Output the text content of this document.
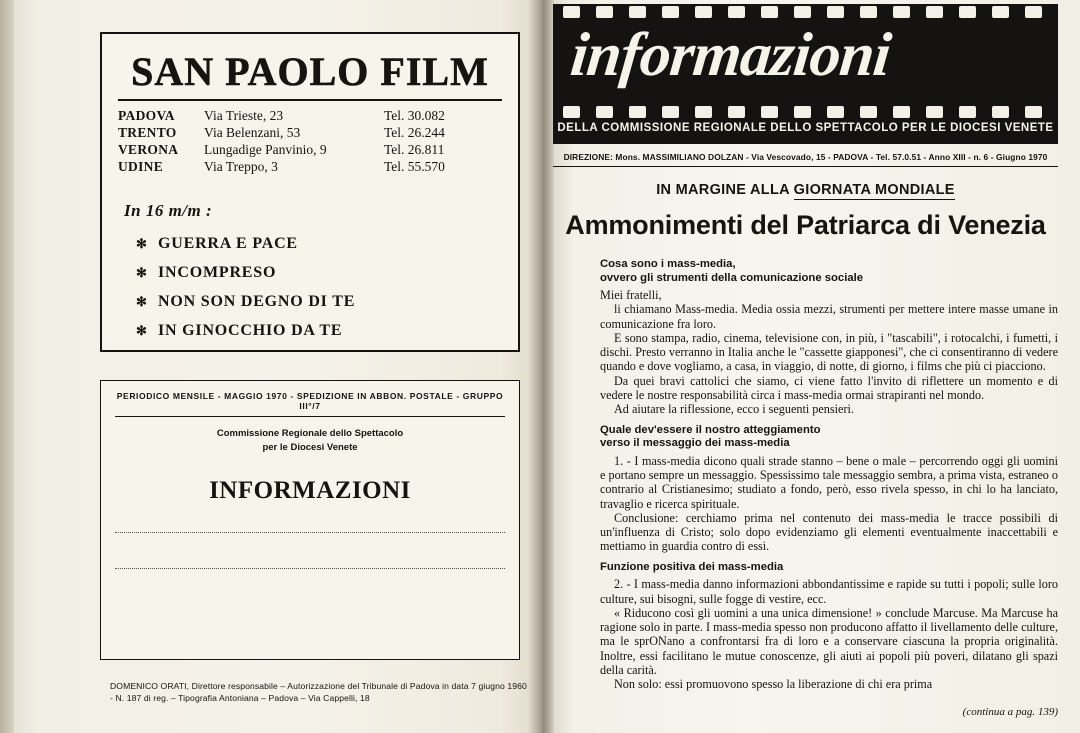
SAN PAOLO FILM
PADOVA	Via Trieste, 23	Tel. 30.082
TRENTO	Via Belenzani, 53	Tel. 26.244
VERONA	Lungadige Panvinio, 9	Tel. 26.811
UDINE	Via Treppo, 3	Tel. 55.570
In 16 m/m :
✻ GUERRA E PACE
✻ INCOMPRESO
✻ NON SON DEGNO DI TE
✻ IN GINOCCHIO DA TE
PERIODICO MENSILE - MAGGIO 1970 - SPEDIZIONE IN ABBON. POSTALE - GRUPPO III°/7
Commissione Regionale dello Spettacolo
per le Diocesi Venete
INFORMAZIONI
DOMENICO ORATI, Direttore responsabile – Autorizzazione del Tribunale di Padova in data 7 giugno 1960 - N. 187 di reg. – Tipografia Antoniana – Padova – Via Cappelli, 18
informazioni
DELLA COMMISSIONE REGIONALE DELLO SPETTACOLO PER LE DIOCESI VENETE
DIREZIONE: Mons. MASSIMILIANO DOLZAN - Via Vescovado, 15 - PADOVA - Tel. 57.0.51 - Anno XIII - n. 6 - Giugno 1970
IN MARGINE ALLA GIORNATA MONDIALE
Ammonimenti del Patriarca di Venezia
Cosa sono i mass-media,
ovvero gli strumenti della comunicazione sociale

Miei fratelli,

li chiamano Mass-media. Media ossia mezzi, strumenti per mettere intere masse umane in comunicazione fra loro.

E sono stampa, radio, cinema, televisione con, in più, i "tascabili", i rotocalchi, i fumetti, i dischi. Presto verranno in Italia anche le "cassette giapponesi", che ci consentiranno di vedere quando e dove vogliamo, a casa, in viaggio, di notte, di giorno, i films che più ci piacciono.

Da quei bravi cattolici che siamo, ci viene fatto l'invito di riflettere un momento e di vedere le nostre responsabilità circa i mass-media ormai strapiranti nel mondo.

Ad aiutare la riflessione, ecco i seguenti pensieri.

Quale dev'essere il nostro atteggiamento
verso il messaggio dei mass-media

1. - I mass-media dicono quali strade stanno – bene o male – percorrendo oggi gli uomini e portano sempre un messaggio. Spessissimo tale messaggio sembra, a prima vista, estraneo o contrario al Cristianesimo; studiato a fondo, però, esso rivela spesso, in chi lo ha lanciato, travaglio e ricerca spirituale.

Conclusione: cerchiamo prima nel contenuto dei mass-media le tracce possibili di un'influenza di Cristo; solo dopo evidenziamo gli elementi eventualmente inaccettabili e mettiamo in guardia contro di essi.

Funzione positiva dei mass-media

2. - I mass-media danno informazioni abbondantissime e rapide su tutti i popoli; sulle loro culture, sui bisogni, sulle fogge di vestire, ecc.

« Riducono così gli uomini a una unica dimensione! » conclude Marcuse. Ma Marcuse ha ragione solo in parte. I mass-media spesso non producono affatto il livellamento delle culture, ma le sprONano a confrontarsi fra di loro e a conservare ciascuna la propria originalità. Inoltre, essi facilitano le mutue conoscenze, gli aiuti ai popoli più poveri, dilatano gli spazi della carità.

Non solo: essi promuovono spesso la liberazione di chi era prima

(continua a pag. 139)
